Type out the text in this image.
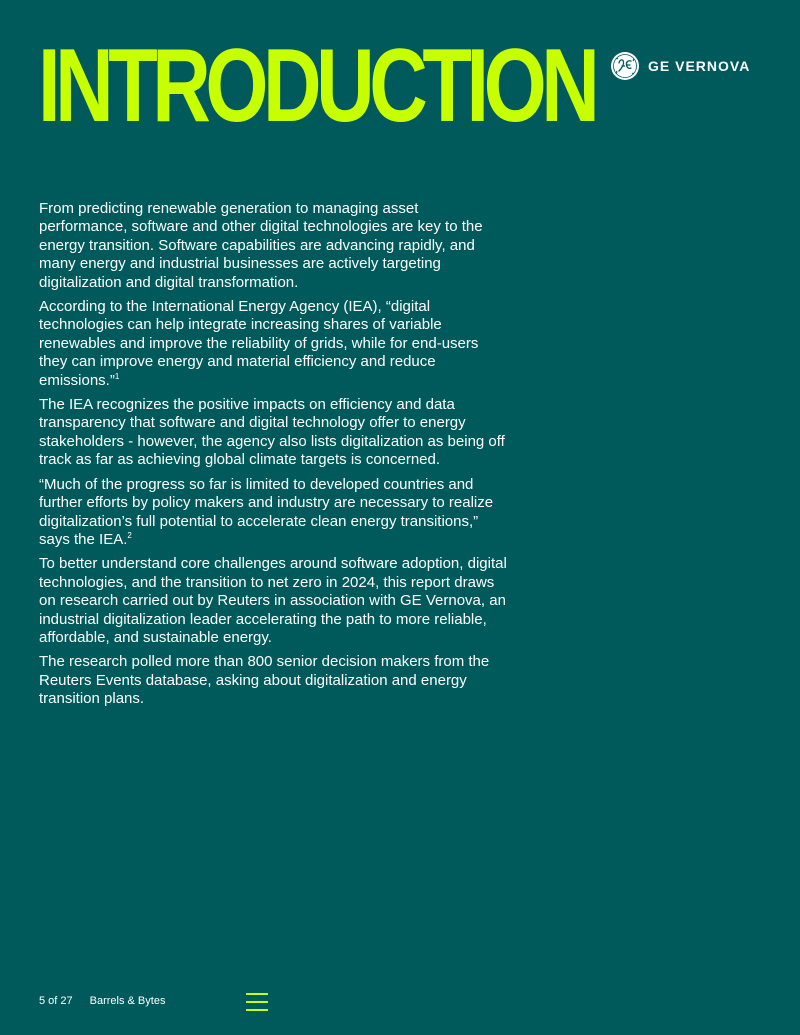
INTRODUCTION	GE VERNOVA

From predicting renewable generation to managing asset performance, software and other digital technologies are key to the energy transition. Software capabilities are advancing rapidly, and many energy and industrial businesses are actively targeting digitalization and digital transformation.

According to the International Energy Agency (IEA), “digital technologies can help integrate increasing shares of variable renewables and improve the reliability of grids, while for end-users they can improve energy and material efficiency and reduce emissions.”$^1$

The IEA recognizes the positive impacts on efficiency and data transparency that software and digital technology offer to energy stakeholders - however, the agency also lists digitalization as being off track as far as achieving global climate targets is concerned.

“Much of the progress so far is limited to developed countries and further efforts by policy makers and industry are necessary to realize digitalization’s full potential to accelerate clean energy transitions,” says the IEA.$^2$

To better understand core challenges around software adoption, digital technologies, and the transition to net zero in 2024, this report draws on research carried out by Reuters in association with GE Vernova, an industrial digitalization leader accelerating the path to more reliable, affordable, and sustainable energy.

The research polled more than 800 senior decision makers from the Reuters Events database, asking about digitalization and energy transition plans.

5 of 27 Barrels & Bytes
